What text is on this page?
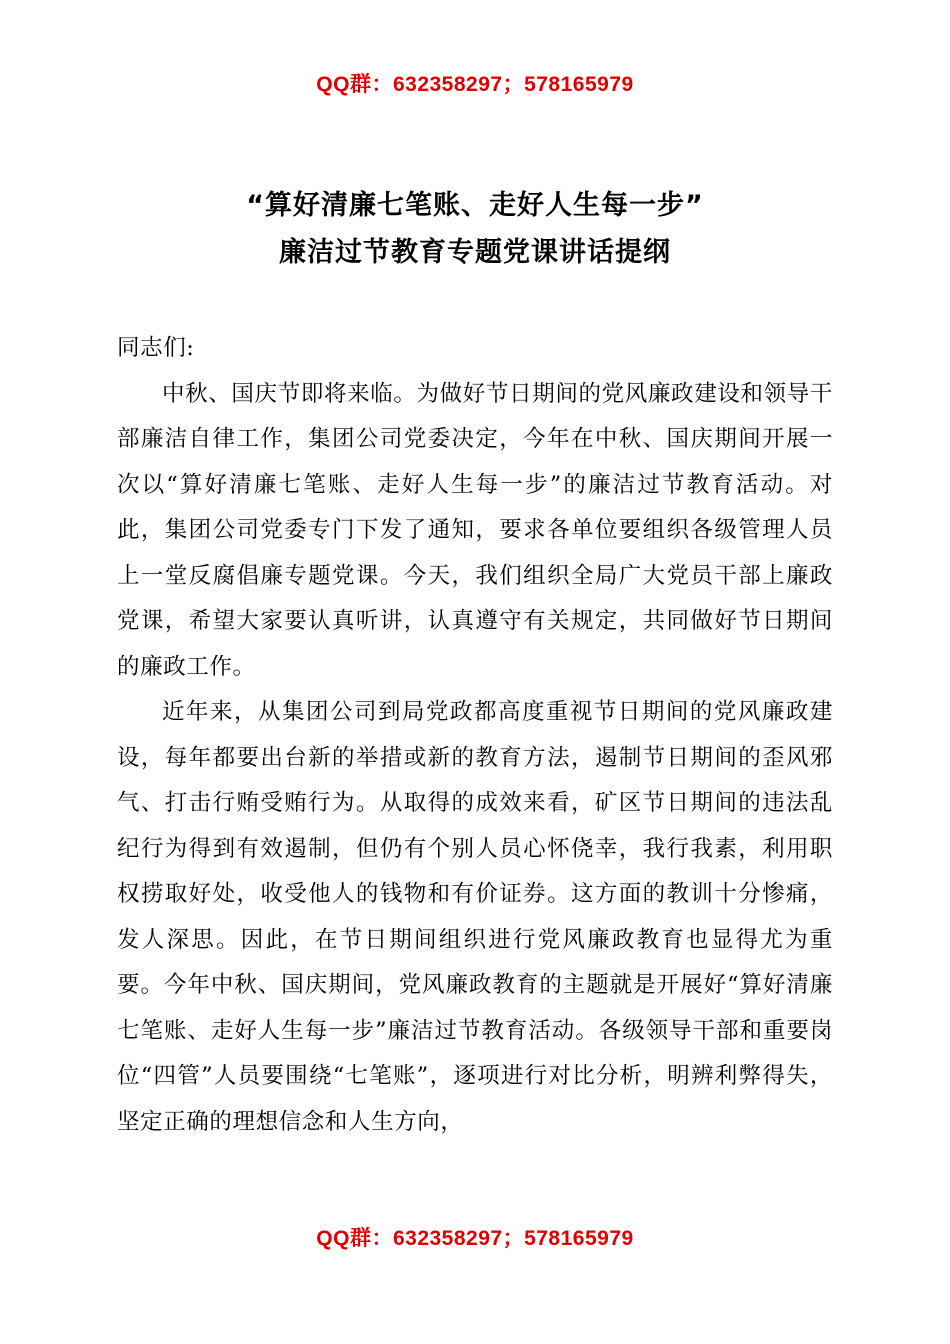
QQ群：632358297；578165979
“算好清廉七笔账、走好人生每一步”
廉洁过节教育专题党课讲话提纲

同志们:

中秋、国庆节即将来临。为做好节日期间的党风廉政建设和领导干部廉洁自律工作，集团公司党委决定，今年在中秋、国庆期间开展一次以“算好清廉七笔账、走好人生每一步”的廉洁过节教育活动。对此，集团公司党委专门下发了通知，要求各单位要组织各级管理人员上一堂反腐倡廉专题党课。今天，我们组织全局广大党员干部上廉政党课，希望大家要认真听讲，认真遵守有关规定，共同做好节日期间的廉政工作。

近年来，从集团公司到局党政都高度重视节日期间的党风廉政建设，每年都要出台新的举措或新的教育方法，遏制节日期间的歪风邪气、打击行贿受贿行为。从取得的成效来看，矿区节日期间的违法乱纪行为得到有效遏制，但仍有个别人员心怀侥幸，我行我素，利用职权捞取好处，收受他人的钱物和有价证券。这方面的教训十分惨痛，发人深思。因此，在节日期间组织进行党风廉政教育也显得尤为重要。今年中秋、国庆期间，党风廉政教育的主题就是开展好“算好清廉七笔账、走好人生每一步”廉洁过节教育活动。各级领导干部和重要岗位“四管”人员要围绕“七笔账”，逐项进行对比分析，明辨利弊得失，坚定正确的理想信念和人生方向，

QQ群：632358297；578165979
